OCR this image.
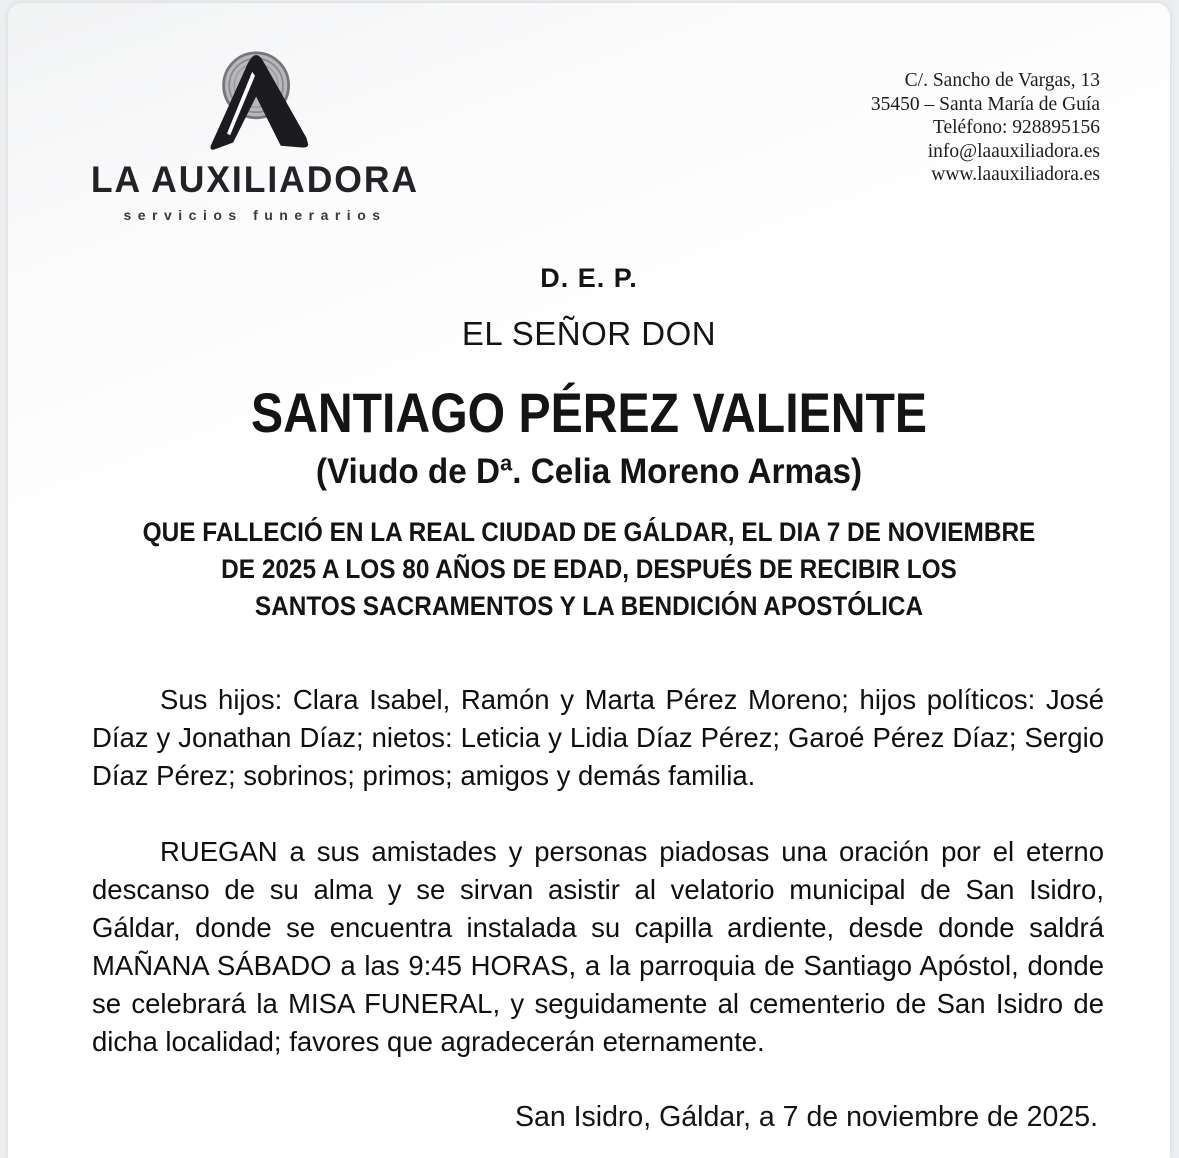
LA AUXILIADORA
servicios funerarios
C/. Sancho de Vargas, 13
35450 – Santa María de Guía
Teléfono: 928895156
info@laauxiliadora.es
www.laauxiliadora.es
D. E. P.
EL SEÑOR DON
SANTIAGO PÉREZ VALIENTE
(Viudo de Dª. Celia Moreno Armas)
QUE FALLECIÓ EN LA REAL CIUDAD DE GÁLDAR, EL DIA 7 DE NOVIEMBRE
DE 2025 A LOS 80 AÑOS DE EDAD, DESPUÉS DE RECIBIR LOS
SANTOS SACRAMENTOS Y LA BENDICIÓN APOSTÓLICA
Sus hijos: Clara Isabel, Ramón y Marta Pérez Moreno; hijos políticos: José Díaz y Jonathan Díaz; nietos: Leticia y Lidia Díaz Pérez; Garoé Pérez Díaz; Sergio Díaz Pérez; sobrinos; primos; amigos y demás familia.
RUEGAN a sus amistades y personas piadosas una oración por el eterno descanso de su alma y se sirvan asistir al velatorio municipal de San Isidro, Gáldar, donde se encuentra instalada su capilla ardiente, desde donde saldrá MAÑANA SÁBADO a las 9:45 HORAS, a la parroquia de Santiago Apóstol, donde se celebrará la MISA FUNERAL, y seguidamente al cementerio de San Isidro de dicha localidad; favores que agradecerán eternamente.
San Isidro, Gáldar, a 7 de noviembre de 2025.
